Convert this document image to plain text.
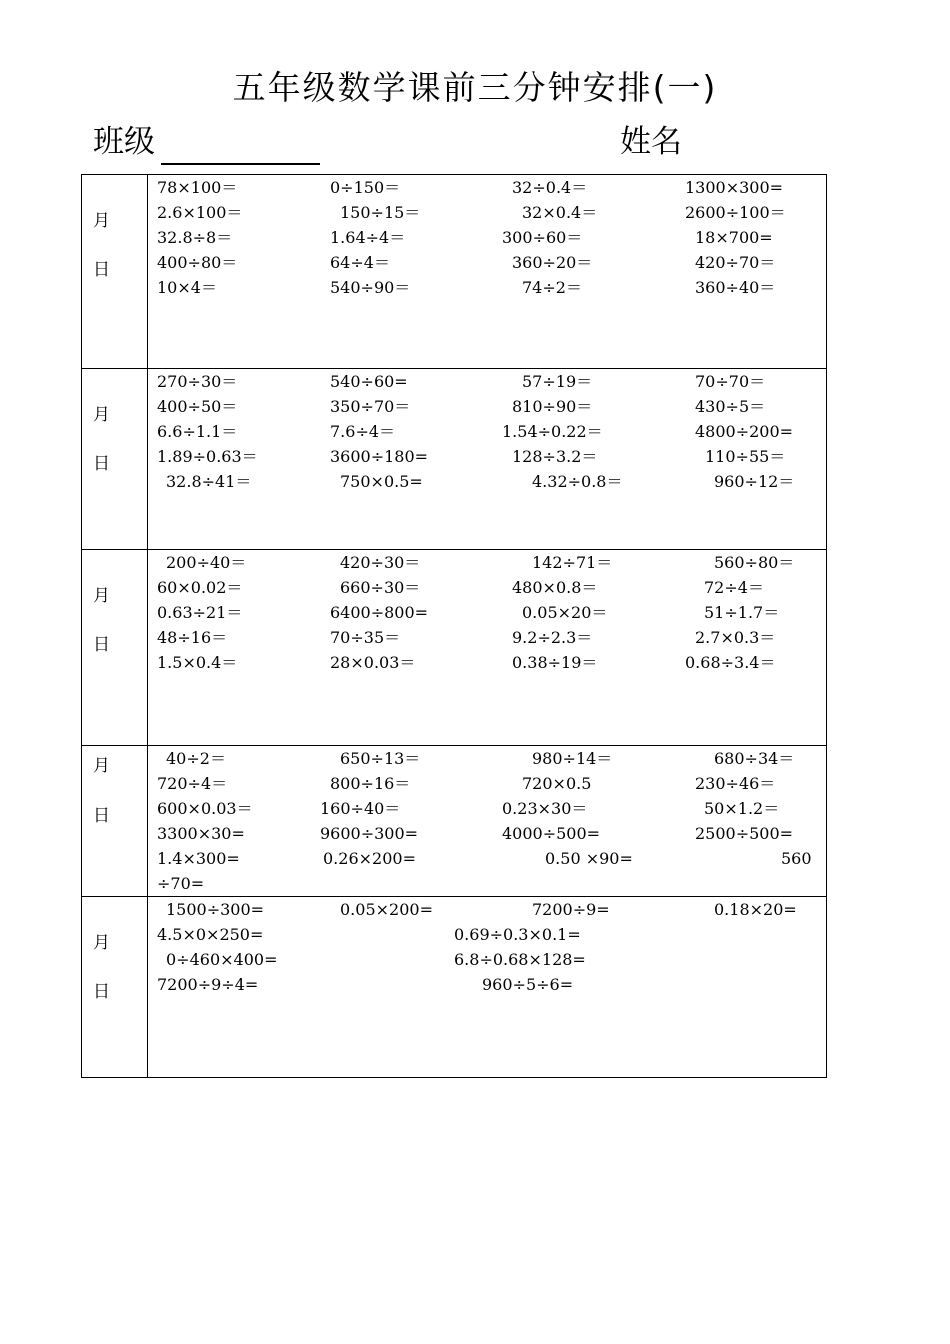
五年级数学课前三分钟安排(一)
班级	姓名
月
日
78×100＝	0÷150＝	32÷0.4＝	1300×300=
2.6×100＝	150÷15＝	32×0.4＝	2600÷100＝
32.8÷8＝	1.64÷4＝	300÷60＝	18×700=
400÷80＝	64÷4＝	360÷20＝	420÷70＝
10×4＝	540÷90＝	74÷2＝	360÷40＝
月
日
270÷30＝	540÷60=	57÷19＝	70÷70＝
400÷50＝	350÷70＝	810÷90＝	430÷5＝
6.6÷1.1＝	7.6÷4＝	1.54÷0.22＝	4800÷200=
1.89÷0.63＝	3600÷180=	128÷3.2＝	110÷55＝
32.8÷41＝	750×0.5=	4.32÷0.8＝	960÷12＝
月
日
200÷40＝	420÷30＝	142÷71＝	560÷80＝
60×0.02＝	660÷30＝	480×0.8＝	72÷4＝
0.63÷21＝	6400÷800=	0.05×20＝	51÷1.7＝
48÷16＝	70÷35＝	9.2÷2.3＝	2.7×0.3＝
1.5×0.4＝	28×0.03＝	0.38÷19＝	0.68÷3.4＝
月
日
40÷2＝	650÷13＝	980÷14＝	680÷34＝
720÷4＝	800÷16＝	720×0.5	230÷46＝
600×0.03＝	160÷40＝	0.23×30＝	50×1.2＝
3300×30=	9600÷300=	4000÷500=	2500÷500=
1.4×300=	0.26×200=	0.50 ×90=	560
÷70=
月
日
1500÷300=	0.05×200=	7200÷9=	0.18×20=
4.5×0×250=	0.69÷0.3×0.1=
0÷460×400=	6.8÷0.68×128=
7200÷9÷4=	960÷5÷6=
